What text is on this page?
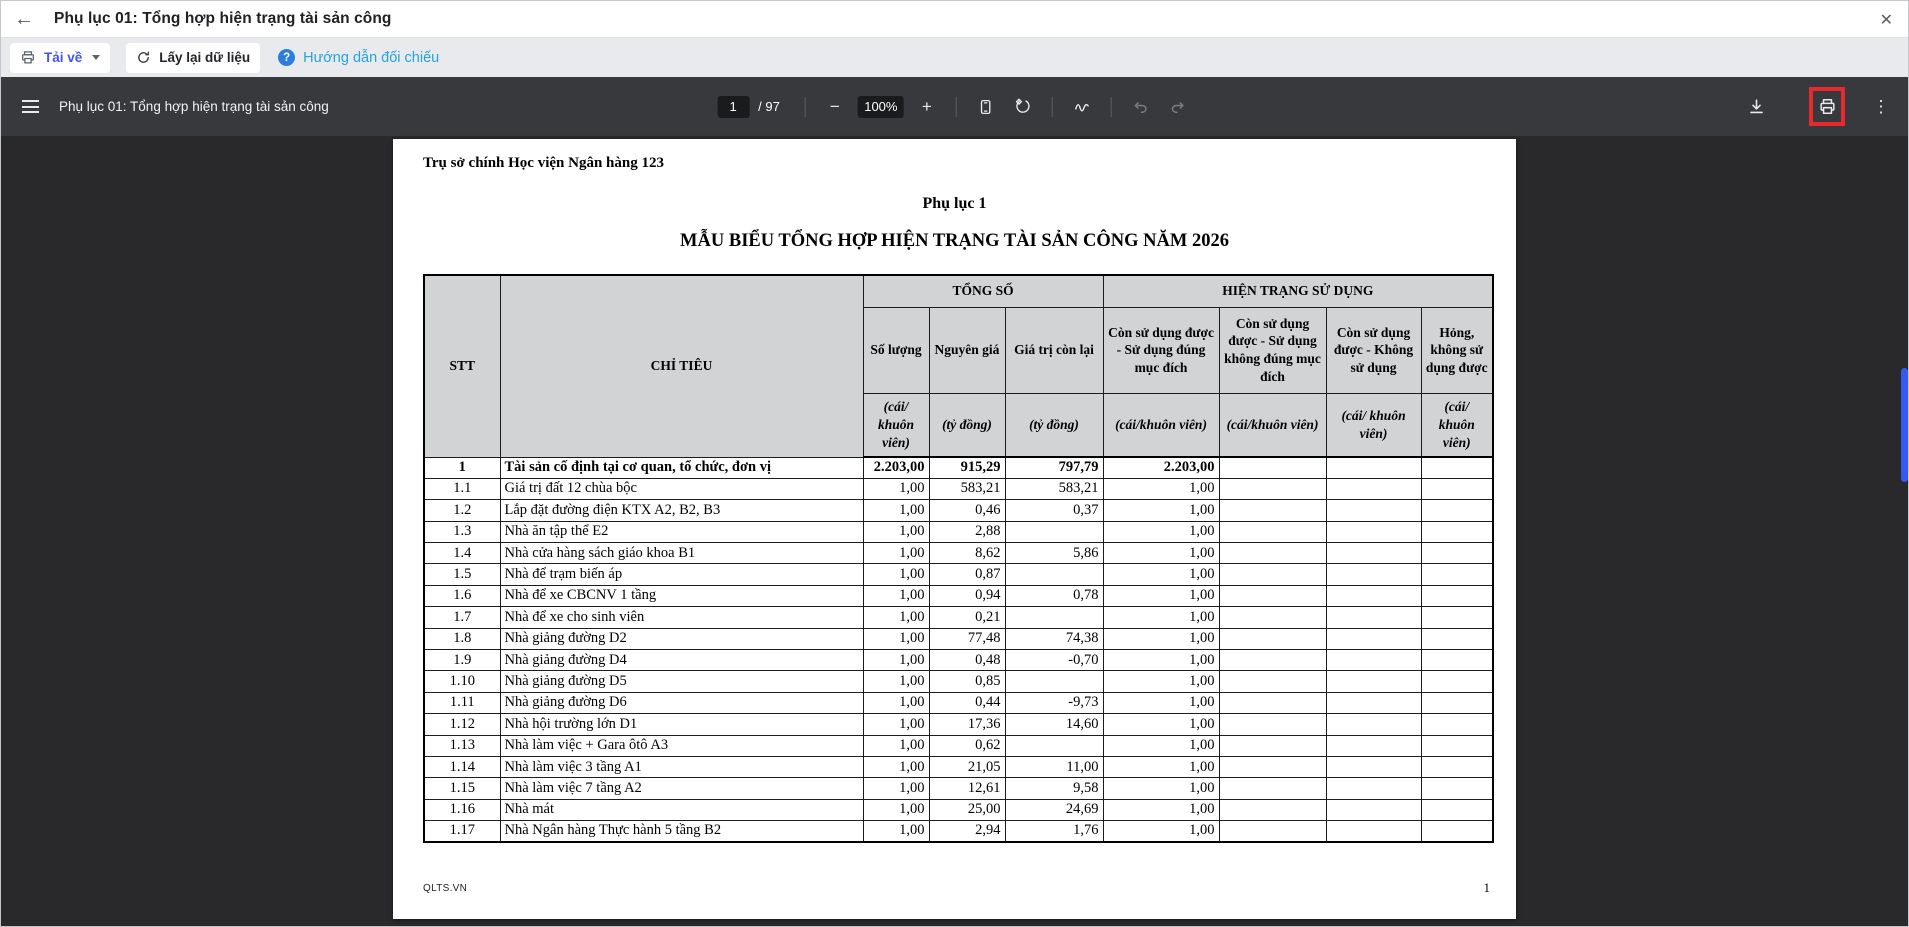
←	Phụ lục 01: Tổng hợp hiện trạng tài sản công	✕
Tải về	Lấy lại dữ liệu	? Hướng dẫn đối chiếu
Phụ lục 01: Tổng hợp hiện trạng tài sản công	1	/ 97	−	100%	+	⋮
Trụ sở chính Học viện Ngân hàng 123
Phụ lục 1
MẪU BIỂU TỔNG HỢP HIỆN TRẠNG TÀI SẢN CÔNG NĂM 2026
STT	CHỈ TIÊU	TỔNG SỐ			HIỆN TRẠNG SỬ DỤNG			
		Số lượng	Nguyên giá	Giá trị còn lại	Còn sử dụng được - Sử dụng đúng mục đích	Còn sử dụng được - Sử dụng không đúng mục đích	Còn sử dụng được - Không sử dụng	Hỏng, không sử dụng được
		(cái/ khuôn viên)	(tỷ đồng)	(tỷ đồng)	(cái/khuôn viên)	(cái/khuôn viên)	(cái/ khuôn viên)	(cái/ khuôn viên)
1	Tài sản cố định tại cơ quan, tổ chức, đơn vị	2.203,00	915,29	797,79	2.203,00			
1.1	Giá trị đất 12 chùa bộc	1,00	583,21	583,21	1,00			
1.2	Lắp đặt đường điện KTX A2, B2, B3	1,00	0,46	0,37	1,00			
1.3	Nhà ăn tập thể E2	1,00	2,88		1,00			
1.4	Nhà cửa hàng sách giáo khoa B1	1,00	8,62	5,86	1,00			
1.5	Nhà để trạm biến áp	1,00	0,87		1,00			
1.6	Nhà để xe CBCNV 1 tầng	1,00	0,94	0,78	1,00			
1.7	Nhà để xe cho sinh viên	1,00	0,21		1,00			
1.8	Nhà giảng đường D2	1,00	77,48	74,38	1,00			
1.9	Nhà giảng đường D4	1,00	0,48	-0,70	1,00			
1.10	Nhà giảng đường D5	1,00	0,85		1,00			
1.11	Nhà giảng đường D6	1,00	0,44	-9,73	1,00			
1.12	Nhà hội trường lớn D1	1,00	17,36	14,60	1,00			
1.13	Nhà làm việc + Gara ôtô A3	1,00	0,62		1,00			
1.14	Nhà làm việc 3 tầng A1	1,00	21,05	11,00	1,00			
1.15	Nhà làm việc 7 tầng A2	1,00	12,61	9,58	1,00			
1.16	Nhà mát	1,00	25,00	24,69	1,00			
1.17	Nhà Ngân hàng Thực hành 5 tầng B2	1,00	2,94	1,76	1,00			
QLTS.VN	1
